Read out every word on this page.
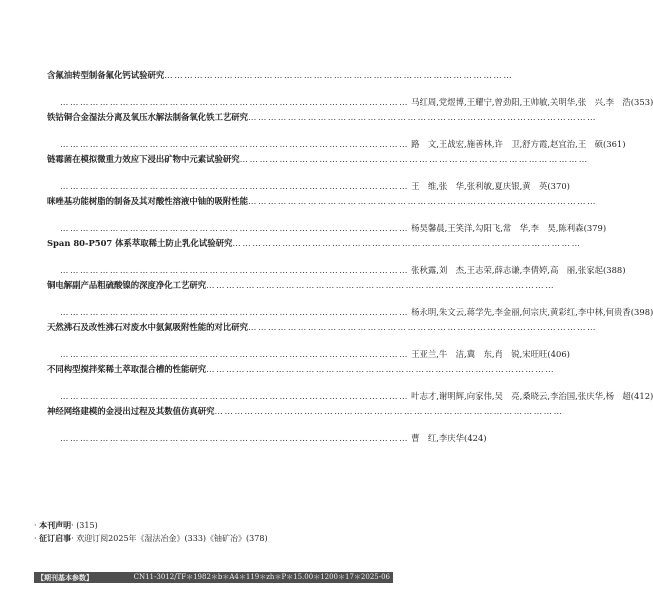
含氟油转型制备氟化钙试验研究……………………………………………………………………………………………
…………………………………………………………………………………………… 马红周,党煜博,王耀宁,曾劲阳,王帅敏,关明华,张　兴,李　浩 (353)
铁钴铜合金湿法分离及氧压水解法制备氧化铁工艺研究……………………………………………………………………………………………
…………………………………………………………………………………………… 路　文,王战宏,施善林,许　卫,舒方霞,赵宜治,王　硕 (361)
链霉菌在模拟微重力效应下浸出矿物中元素试验研究……………………………………………………………………………………………
…………………………………………………………………………………………… 王　维,张　华,张利敏,夏庆银,黄　英 (370)
咪唑基功能树脂的制备及其对酸性溶液中铀的吸附性能……………………………………………………………………………………………
…………………………………………………………………………………………… 杨昊馨晨,王笑洋,勾阳飞,常　华,李　昊,陈利森 (379)
Span 80-P507 体系萃取稀土防止乳化试验研究……………………………………………………………………………………………
…………………………………………………………………………………………… 张秋露,刘　杰,王志荣,薛志谦,李倩婷,高　丽,张家起 (388)
铜电解副产品粗硫酸镍的深度净化工艺研究……………………………………………………………………………………………
…………………………………………………………………………………………… 杨永明,朱文云,蒋学先,李金丽,何宗庆,黄彩红,李中林,何贵香 (398)
天然沸石及改性沸石对废水中氨氮吸附性能的对比研究……………………………………………………………………………………………
…………………………………………………………………………………………… 王亚兰,牛　洁,冀　东,肖　锐,宋旺旺 (406)
不同构型搅拌桨稀土萃取混合槽的性能研究……………………………………………………………………………………………
…………………………………………………………………………………………… 叶志才,谢明辉,向家伟,吴　亮,桑晓云,李治国,张庆华,杨　超 (412)
神经网络建模的金浸出过程及其数值仿真研究……………………………………………………………………………………………
…………………………………………………………………………………………… 曹　红,李庆华 (424)
· 本刊声明· (315)
· 征订启事· 欢迎订阅2025年《湿法冶金》(333)《铀矿冶》(378)
【期刊基本参数】	CN11-3012/TF＊1982＊b＊A4＊119＊zh＊P＊15.00＊1200＊17＊2025-06
